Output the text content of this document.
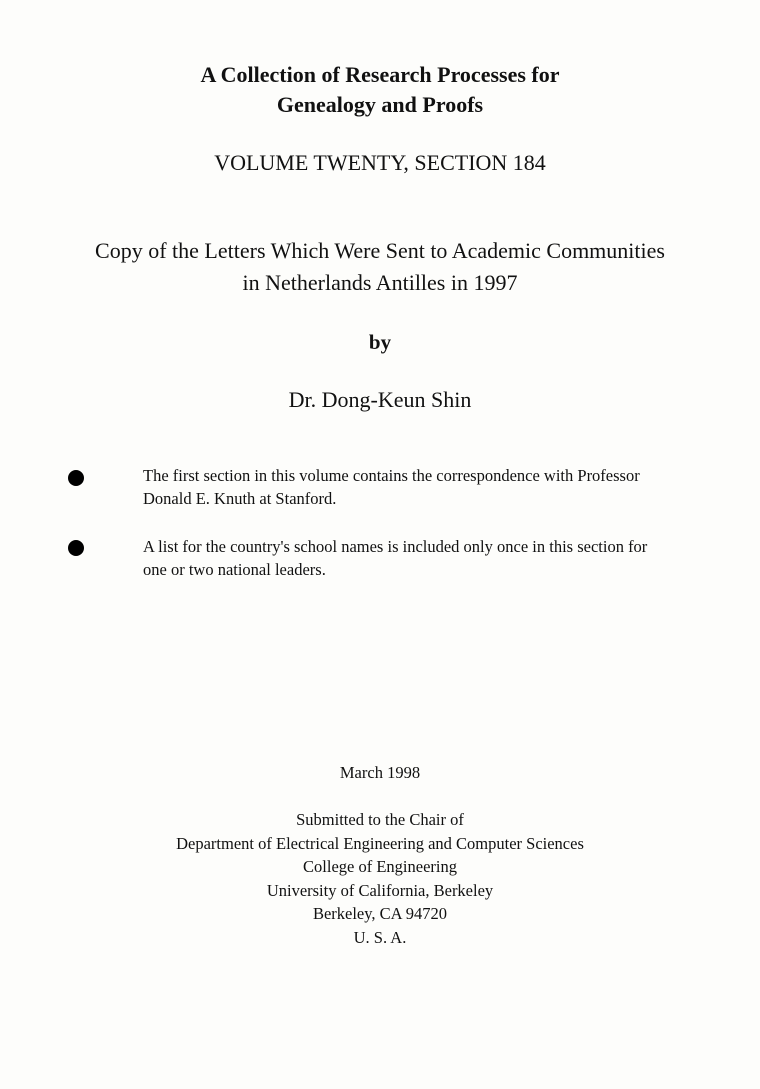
A Collection of Research Processes for
Genealogy and Proofs
VOLUME TWENTY, SECTION 184
Copy of the Letters Which Were Sent to Academic Communities
in Netherlands Antilles in 1997
by
Dr. Dong-Keun Shin
The first section in this volume contains the correspondence with Professor
Donald E. Knuth at Stanford.
A list for the country's school names is included only once in this section for
one or two national leaders.
March 1998
Submitted to the Chair of
Department of Electrical Engineering and Computer Sciences
College of Engineering
University of California, Berkeley
Berkeley, CA 94720
U. S. A.
